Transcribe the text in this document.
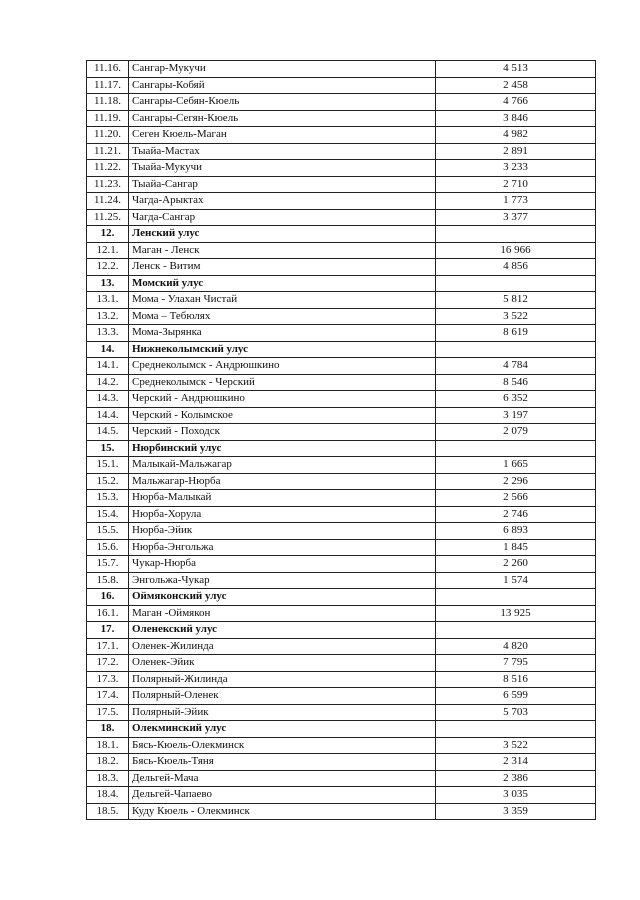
11.16.	Сангар-Мукучи	4 513
11.17.	Сангары-Кобяй	2 458
11.18.	Сангары-Себян-Кюель	4 766
11.19.	Сангары-Сегян-Кюель	3 846
11.20.	Сеген Кюель-Маган	4 982
11.21.	Тыайа-Мастах	2 891
11.22.	Тыайа-Мукучи	3 233
11.23.	Тыайа-Сангар	2 710
11.24.	Чагда-Арыктах	1 773
11.25.	Чагда-Сангар	3 377
12.	Ленский улус	
12.1.	Маган - Ленск	16 966
12.2.	Ленск - Витим	4 856
13.	Момский улус	
13.1.	Мома - Улахан Чистай	5 812
13.2.	Мома – Тебюлях	3 522
13.3.	Мома-Зырянка	8 619
14.	Нижнеколымский улус	
14.1.	Среднеколымск - Андрюшкино	4 784
14.2.	Среднеколымск - Черский	8 546
14.3.	Черский - Андрюшкино	6 352
14.4.	Черский - Колымское	3 197
14.5.	Черский - Походск	2 079
15.	Нюрбинский улус	
15.1.	Малыкай-Мальжагар	1 665
15.2.	Мальжагар-Нюрба	2 296
15.3.	Нюрба-Малыкай	2 566
15.4.	Нюрба-Хорула	2 746
15.5.	Нюрба-Эйик	6 893
15.6.	Нюрба-Энгольжа	1 845
15.7.	Чукар-Нюрба	2 260
15.8.	Энгольжа-Чукар	1 574
16.	Оймяконский улус	
16.1.	Маган -Оймякон	13 925
17.	Оленекский улус	
17.1.	Оленек-Жилинда	4 820
17.2.	Оленек-Эйик	7 795
17.3.	Полярный-Жилинда	8 516
17.4.	Полярный-Оленек	6 599
17.5.	Полярный-Эйик	5 703
18.	Олекминский улус	
18.1.	Бясь-Кюель-Олекминск	3 522
18.2.	Бясь-Кюель-Тяня	2 314
18.3.	Дельгей-Мача	2 386
18.4.	Дельгей-Чапаево	3 035
18.5.	Куду Кюель - Олекминск	3 359
